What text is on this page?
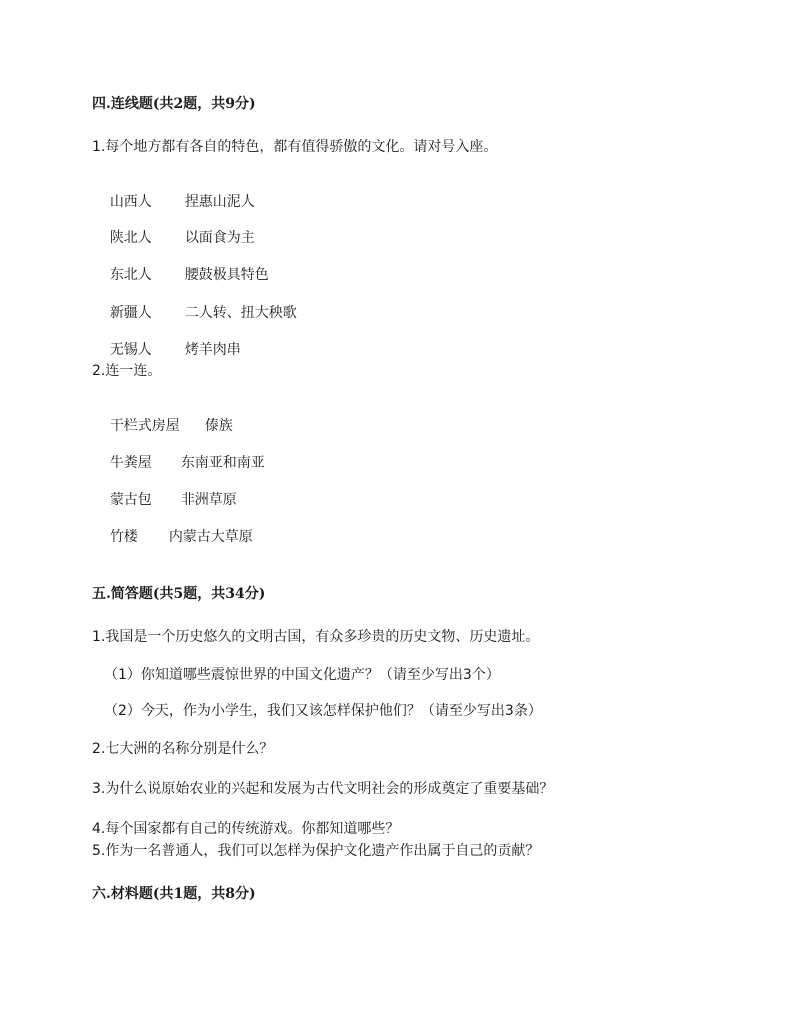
四.连线题(共2题，共9分)
1.每个地方都有各自的特色，都有值得骄傲的文化。请对号入座。

山西人 捏惠山泥人

陕北人 以面食为主

东北人 腰鼓极具特色

新疆人 二人转、扭大秧歌

无锡人 烤羊肉串

2.连一连。

干栏式房屋 傣族

牛粪屋 东南亚和南亚

蒙古包 非洲草原

竹楼 内蒙古大草原

五.简答题(共5题，共34分)
1.我国是一个历史悠久的文明古国，有众多珍贵的历史文物、历史遗址。
（1）你知道哪些震惊世界的中国文化遗产？（请至少写出3个）
（2）今天，作为小学生，我们又该怎样保护他们？（请至少写出3条）
2.七大洲的名称分别是什么？
3.为什么说原始农业的兴起和发展为古代文明社会的形成奠定了重要基础？
4.每个国家都有自己的传统游戏。你都知道哪些？
5.作为一名普通人，我们可以怎样为保护文化遗产作出属于自己的贡献？
六.材料题(共1题，共8分)
